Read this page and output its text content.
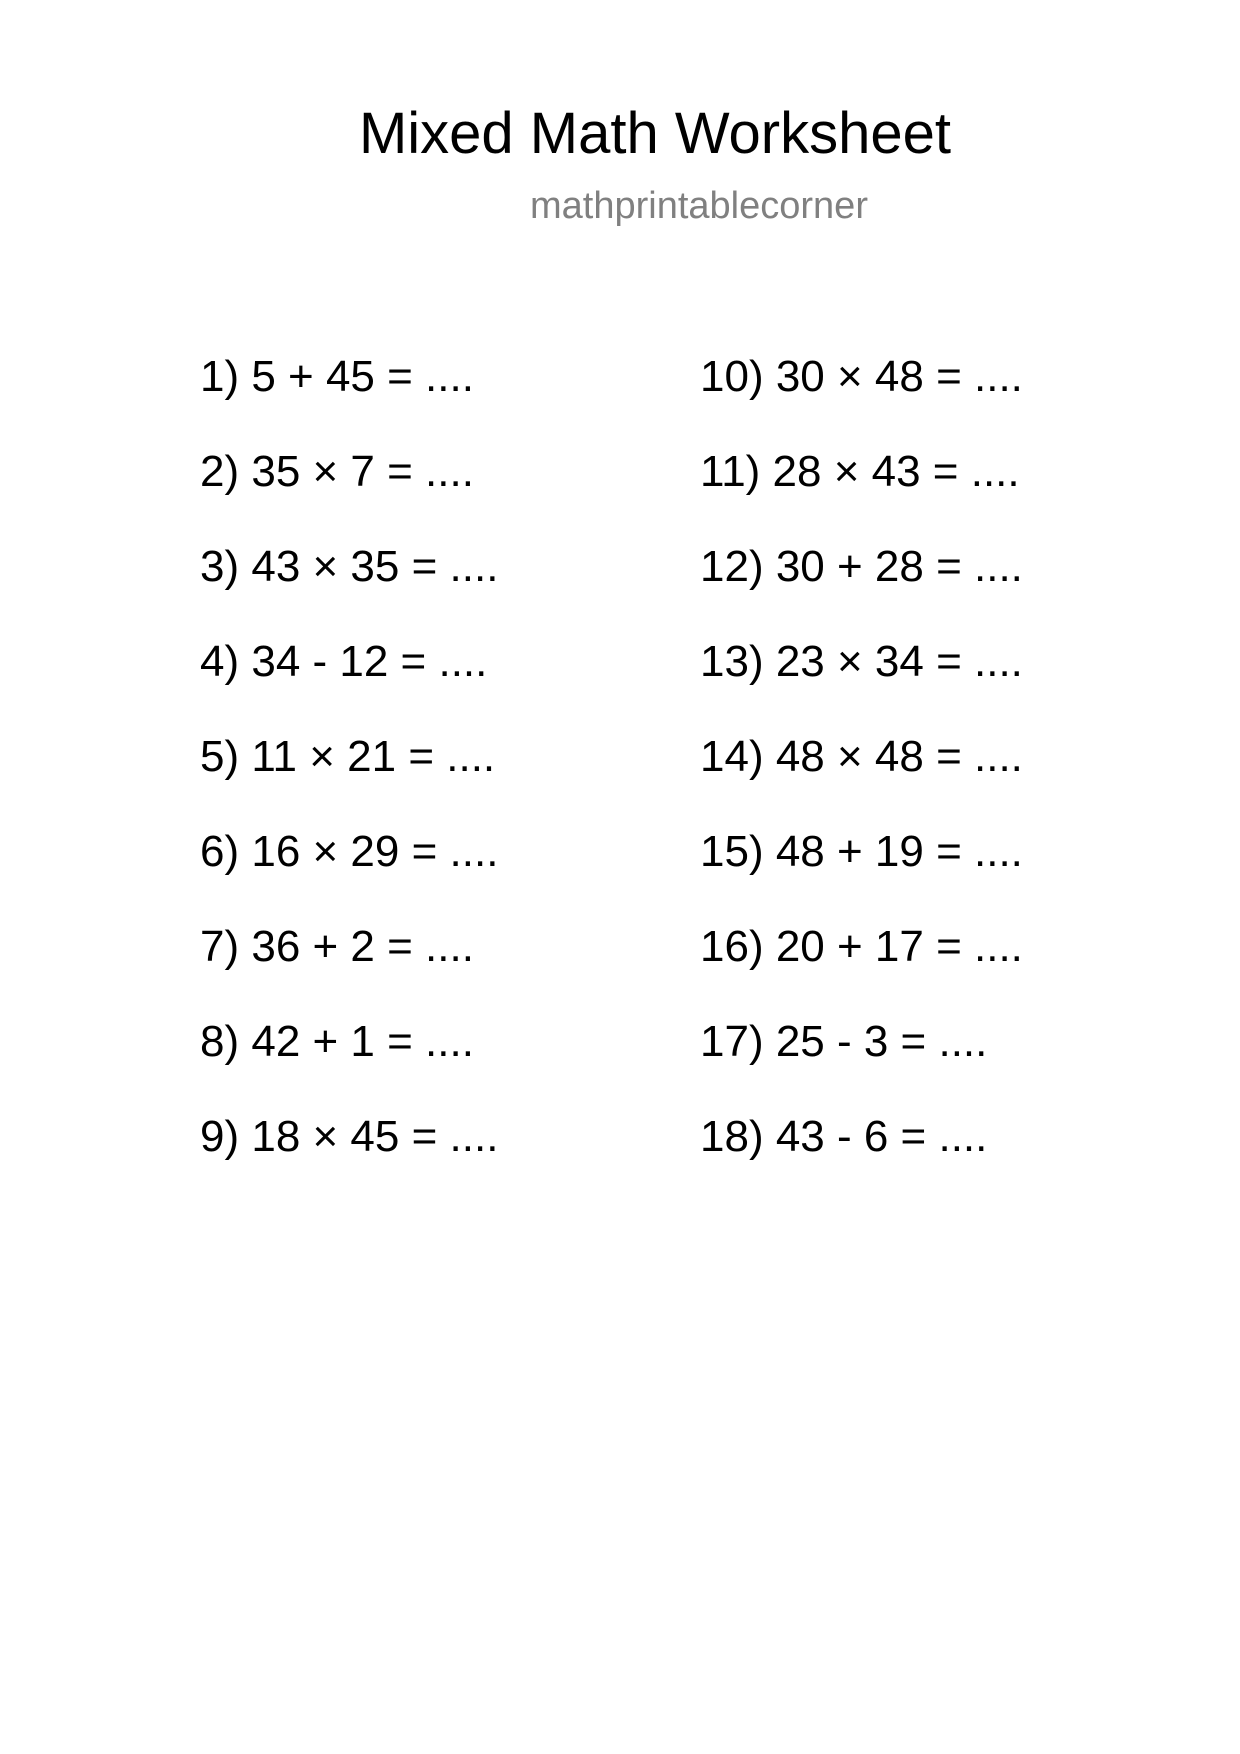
Mixed Math Worksheet
mathprintablecorner
1) 5 + 45 = ....
2) 35 × 7 = ....
3) 43 × 35 = ....
4) 34 - 12 = ....
5) 11 × 21 = ....
6) 16 × 29 = ....
7) 36 + 2 = ....
8) 42 + 1 = ....
9) 18 × 45 = ....
10) 30 × 48 = ....
11) 28 × 43 = ....
12) 30 + 28 = ....
13) 23 × 34 = ....
14) 48 × 48 = ....
15) 48 + 19 = ....
16) 20 + 17 = ....
17) 25 - 3 = ....
18) 43 - 6 = ....
